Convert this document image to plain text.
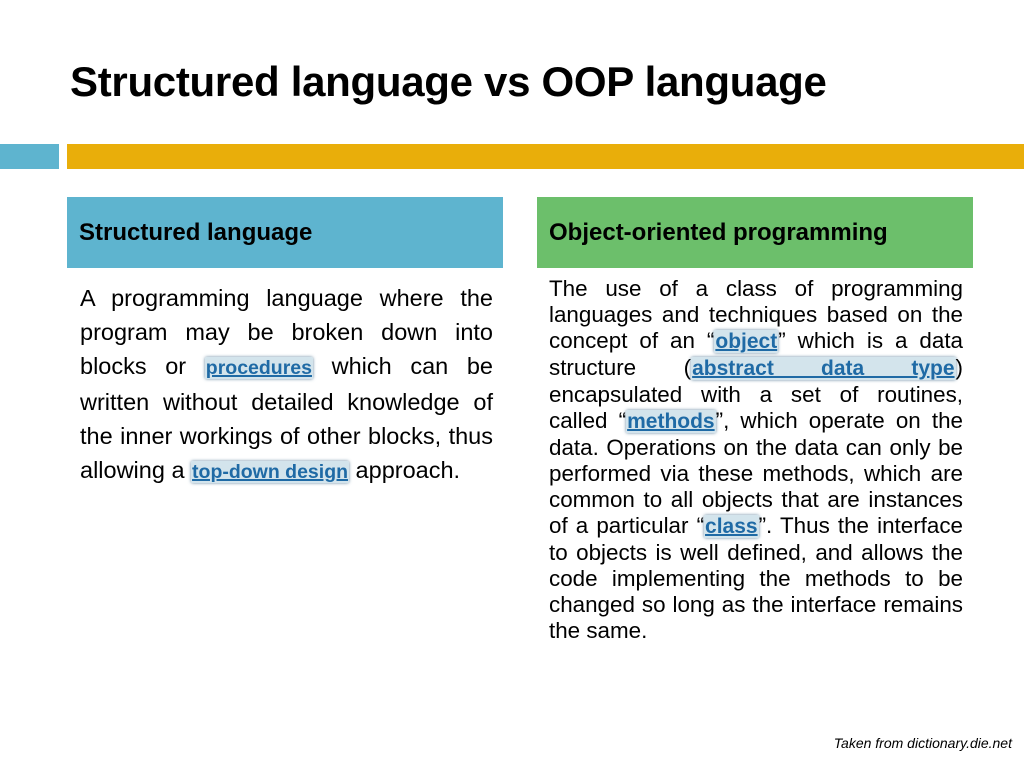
Structured language vs OOP language
Structured language	Object-oriented programming

A programming language where the program may be broken down into blocks or procedures which can be written without detailed knowledge of the inner workings of other blocks, thus allowing a top-down design approach.

The use of a class of programming languages and techniques based on the concept of an “object” which is a data structure (abstract data type) encapsulated with a set of routines, called “methods”, which operate on the data. Operations on the data can only be performed via these methods, which are common to all objects that are instances of a particular “class”. Thus the interface to objects is well defined, and allows the code implementing the methods to be changed so long as the interface remains the same.

Taken from dictionary.die.net
